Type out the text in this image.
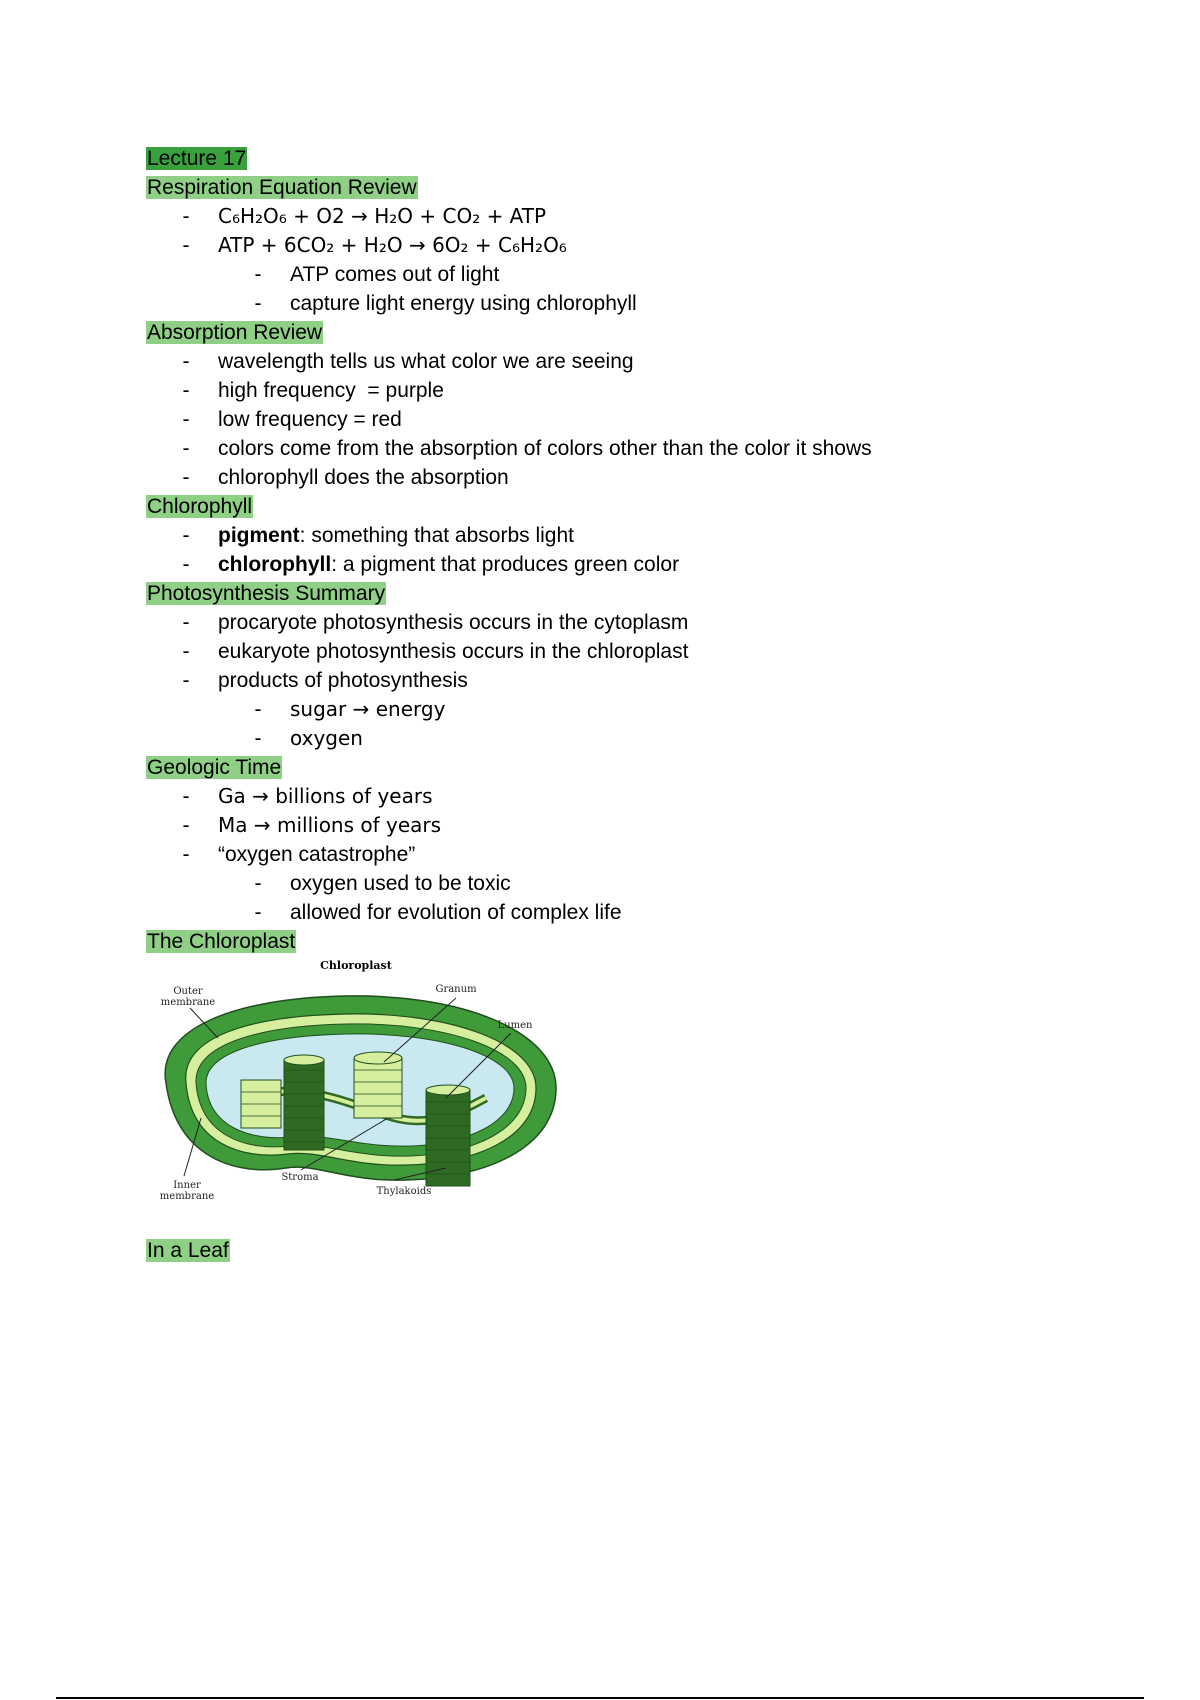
Lecture 17
Respiration Equation Review
-	C₆H₂O₆ + O2 → H₂O + CO₂ + ATP
-	ATP + 6CO₂ + H₂O → 6O₂ + C₆H₂O₆
-	ATP comes out of light
-	capture light energy using chlorophyll
Absorption Review
-	wavelength tells us what color we are seeing
-	high frequency  = purple
-	low frequency = red
-	colors come from the absorption of colors other than the color it shows
-	chlorophyll does the absorption
Chlorophyll
-	pigment: something that absorbs light
-	chlorophyll: a pigment that produces green color
Photosynthesis Summary
-	procaryote photosynthesis occurs in the cytoplasm
-	eukaryote photosynthesis occurs in the chloroplast
-	products of photosynthesis
-	sugar → energy
-	oxygen
Geologic Time
-	Ga → billions of years
-	Ma → millions of years
-	“oxygen catastrophe”
-	oxygen used to be toxic
-	allowed for evolution of complex life
The Chloroplast
Chloroplast
Outer membrane
Granum
Lumen
Inner membrane
Stroma
Thylakoids
In a Leaf
